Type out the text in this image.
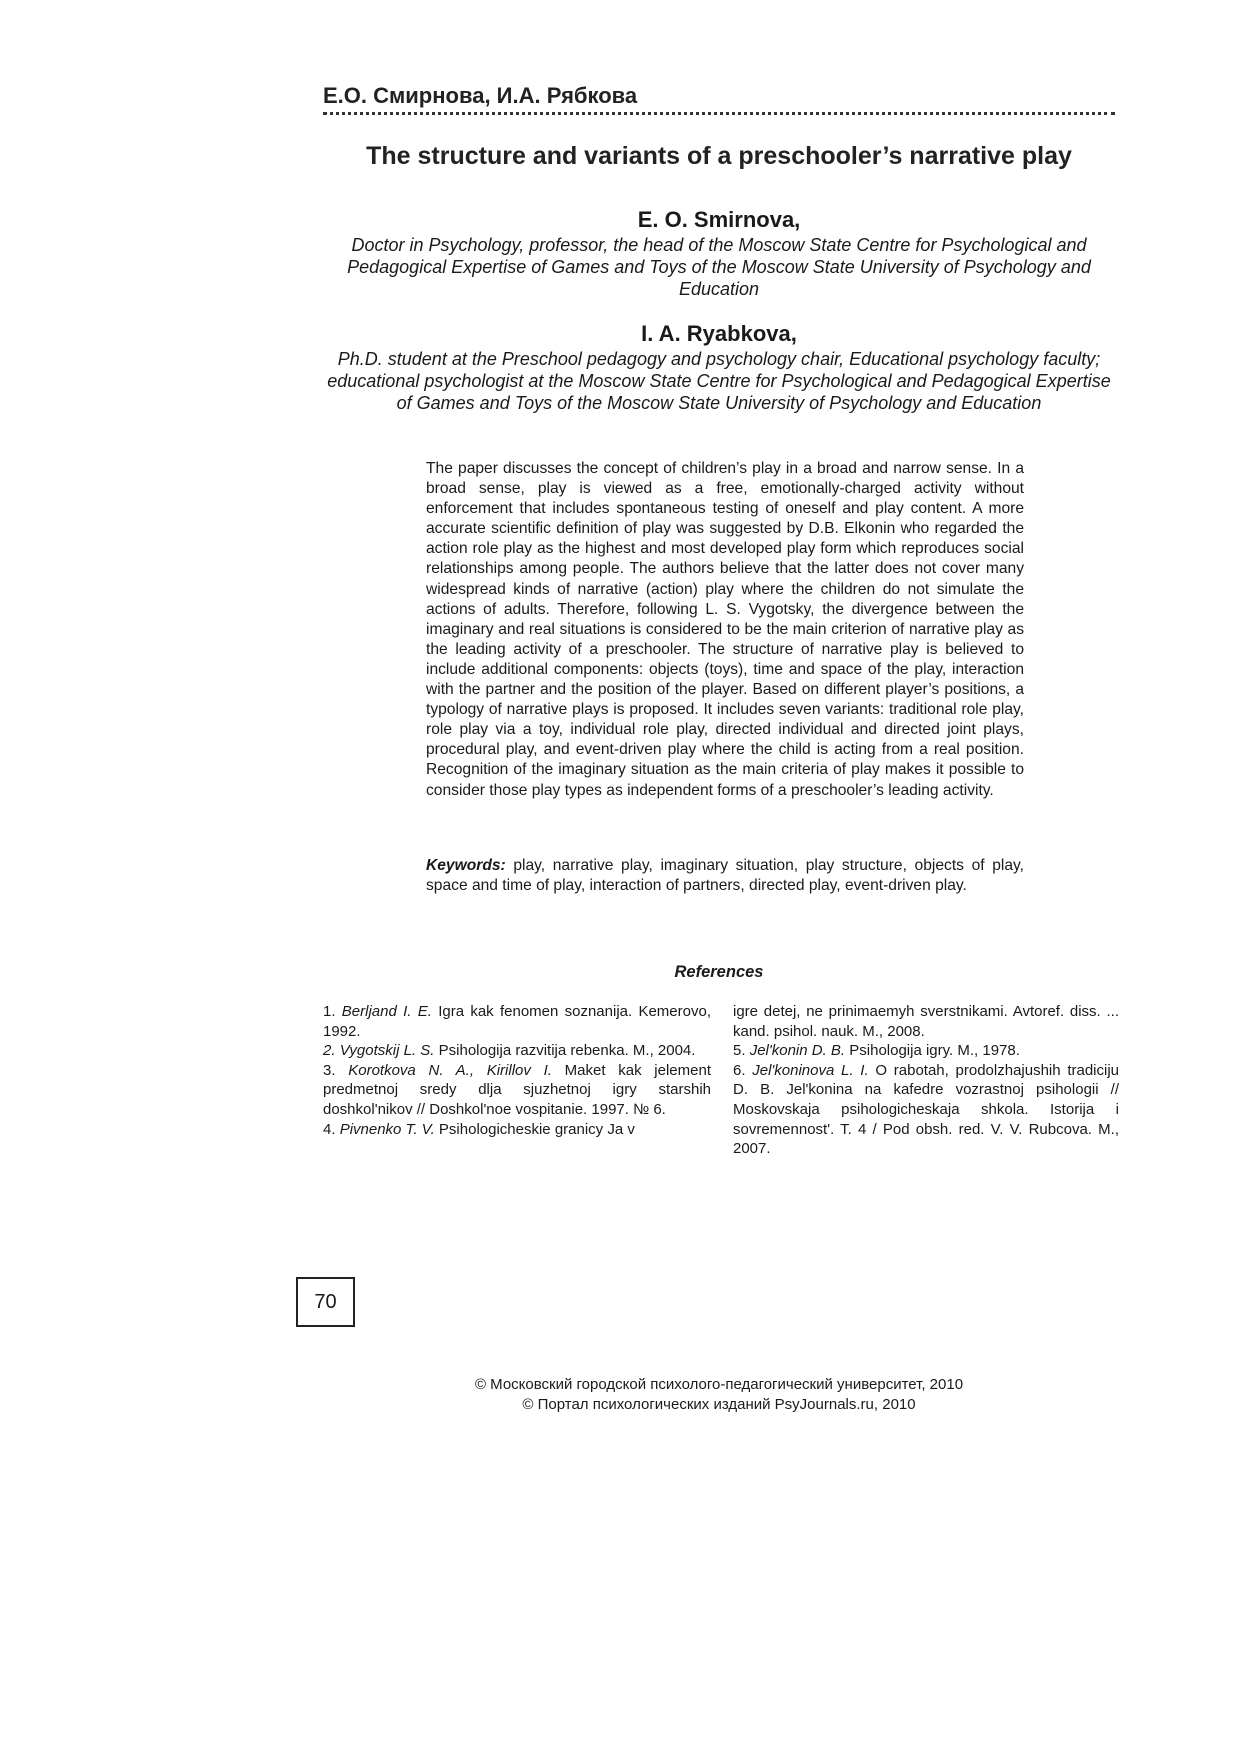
Е.О. Смирнова, И.А. Рябкова
The structure and variants of a preschooler’s narrative play

E. O. Smirnova,

Doctor in Psychology, professor, the head of the Moscow State Centre for Psychological and Pedagogical Expertise of Games and Toys of the Moscow State University of Psychology and Education

I. A. Ryabkova,

Ph.D. student at the Preschool pedagogy and psychology chair, Educational psychology faculty; educational psychologist at the Moscow State Centre for Psychological and Pedagogical Expertise of Games and Toys of the Moscow State University of Psychology and Education

The paper discusses the concept of children’s play in a broad and narrow sense. In a broad sense, play is viewed as a free, emotionally-charged activity without enforcement that includes spontaneous testing of oneself and play content. A more accurate scientific definition of play was suggested by D.B. Elkonin who regarded the action role play as the highest and most developed play form which reproduces social relationships among people. The authors believe that the latter does not cover many widespread kinds of narrative (action) play where the children do not simulate the actions of adults. Therefore, following L. S. Vygotsky, the divergence between the imaginary and real situations is considered to be the main criterion of narrative play as the leading activity of a preschooler. The structure of narrative play is believed to include additional components: objects (toys), time and space of the play, interaction with the partner and the position of the player. Based on different player’s positions, a typology of narrative plays is proposed. It includes seven variants: traditional role play, role play via a toy, individual role play, directed individual and directed joint plays, procedural play, and event-driven play where the child is acting from a real position. Recognition of the imaginary situation as the main criteria of play makes it possible to consider those play types as independent forms of a preschooler’s leading activity.

Keywords: play, narrative play, imaginary situation, play structure, objects of play, space and time of play, interaction of partners, directed play, event-driven play.

References

1. Berljand I. E. Igra kak fenomen soznanija. Kemerovo, 1992.

2. Vygotskij L. S. Psihologija razvitija rebenka. M., 2004.

3. Korotkova N. A., Kirillov I. Maket kak jelement predmetnoj sredy dlja sjuzhetnoj igry starshih doshkol'nikov // Doshkol'noe vospitanie. 1997. № 6.

4. Pivnenko T. V. Psihologicheskie granicy Ja v

igre detej, ne prinimaemyh sverstnikami. Avtoref. diss. ... kand. psihol. nauk. M., 2008.

5. Jel'konin D. B. Psihologija igry. M., 1978.

6. Jel'koninova L. I. O rabotah, prodolzhajushih tradiciju D. B. Jel'konina na kafedre vozrastnoj psihologii // Moskovskaja psihologicheskaja shkola. Istorija i sovremennost'. T. 4 / Pod obsh. red. V. V. Rubcova. M., 2007.

70

© Московский городской психолого-педагогический университет, 2010

© Портал психологических изданий PsyJournals.ru, 2010
